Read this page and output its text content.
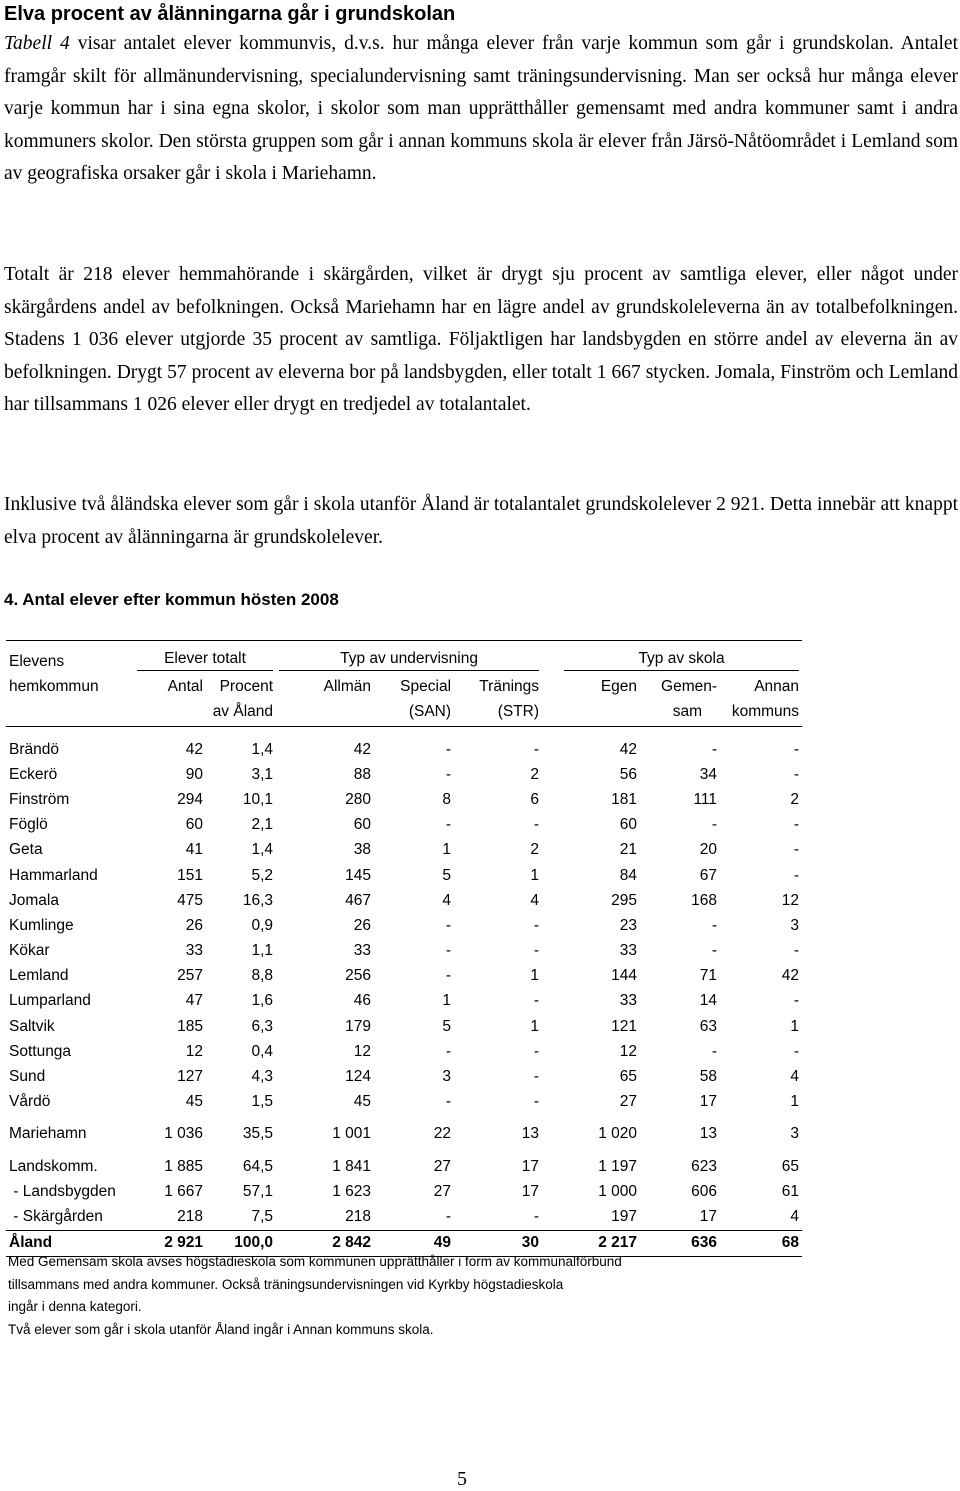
Elva procent av ålänningarna går i grundskolan

Tabell 4 visar antalet elever kommunvis, d.v.s. hur många elever från varje kommun som går i grundskolan. Antalet framgår skilt för allmänundervisning, specialundervisning samt träningsundervisning. Man ser också hur många elever varje kommun har i sina egna skolor, i skolor som man upprätthåller gemensamt med andra kommuner samt i andra kommuners skolor. Den största gruppen som går i annan kommuns skola är elever från Järsö-Nåtöområdet i Lemland som av geografiska orsaker går i skola i Mariehamn.

Totalt är 218 elever hemmahörande i skärgården, vilket är drygt sju procent av samtliga elever, eller något under skärgårdens andel av befolkningen. Också Mariehamn har en lägre andel av grundskoleleverna än av totalbefolkningen. Stadens 1 036 elever utgjorde 35 procent av samtliga. Följaktligen har landsbygden en större andel av eleverna än av befolkningen. Drygt 57 procent av eleverna bor på landsbygden, eller totalt 1 667 stycken. Jomala, Finström och Lemland har tillsammans 1 026 elever eller drygt en tredjedel av totalantalet.

Inklusive två åländska elever som går i skola utanför Åland är totalantalet grundskolelever 2 921. Detta innebär att knappt elva procent av ålänningarna är grundskolelever.

4. Antal elever efter kommun hösten 2008
Elevens	Elever totalt		Typ av undervisning			Typ av skola		

hemkommun	Antal	Procent	Allmän	Special	Tränings	Egen	Gemen-	Annan
		av Åland		(SAN)	(STR)		sam	kommuns
Brändö	42	1,4	42	-	-	42	-	-
Eckerö	90	3,1	88	-	2	56	34	-
Finström	294	10,1	280	8	6	181	111	2
Föglö	60	2,1	60	-	-	60	-	-
Geta	41	1,4	38	1	2	21	20	-
Hammarland	151	5,2	145	5	1	84	67	-
Jomala	475	16,3	467	4	4	295	168	12
Kumlinge	26	0,9	26	-	-	23	-	3
Kökar	33	1,1	33	-	-	33	-	-
Lemland	257	8,8	256	-	1	144	71	42
Lumparland	47	1,6	46	1	-	33	14	-
Saltvik	185	6,3	179	5	1	121	63	1
Sottunga	12	0,4	12	-	-	12	-	-
Sund	127	4,3	124	3	-	65	58	4
Vårdö	45	1,5	45	-	-	27	17	1
Mariehamn	1 036	35,5	1 001	22	13	1 020	13	3
Landskomm.	1 885	64,5	1 841	27	17	1 197	623	65
- Landsbygden	1 667	57,1	1 623	27	17	1 000	606	61
- Skärgården	218	7,5	218	-	-	197	17	4
Åland	2 921	100,0	2 842	49	30	2 217	636	68
Med Gemensam skola avses högstadieskola som kommunen upprätthåller i form av kommunalförbund
tillsammans med andra kommuner. Också träningsundervisningen vid Kyrkby högstadieskola
ingår i denna kategori.
Två elever som går i skola utanför Åland ingår i Annan kommuns skola.
5
